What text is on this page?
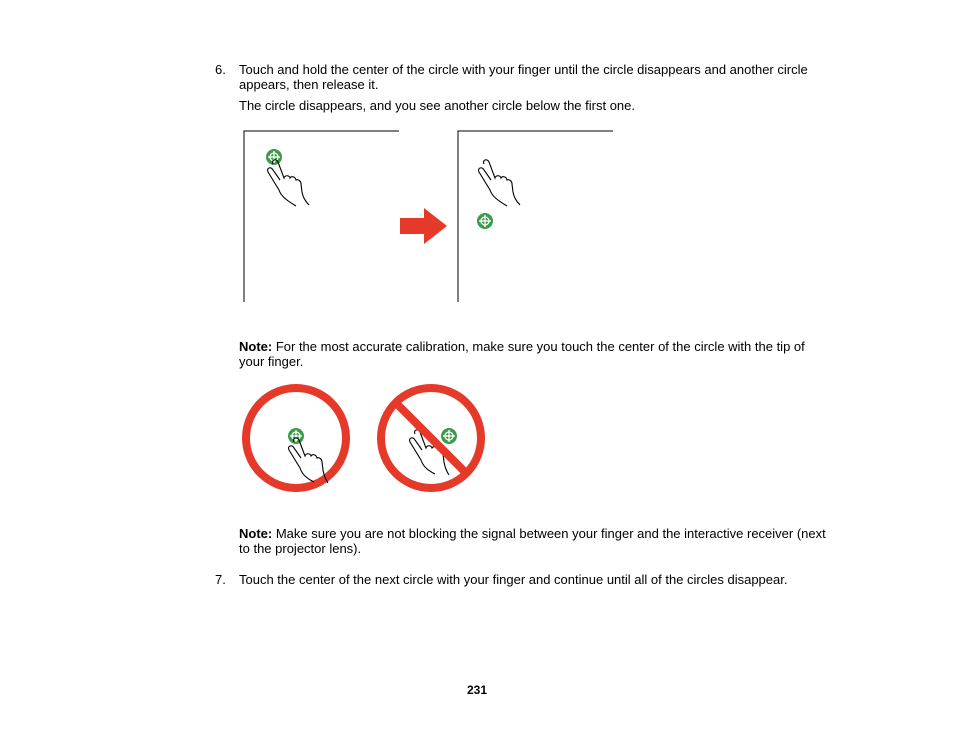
6. Touch and hold the center of the circle with your finger until the circle disappears and another circle appears, then release it.
The circle disappears, and you see another circle below the first one.
Note: For the most accurate calibration, make sure you touch the center of the circle with the tip of your finger.
Note: Make sure you are not blocking the signal between your finger and the interactive receiver (next to the projector lens).
7. Touch the center of the next circle with your finger and continue until all of the circles disappear.
231
